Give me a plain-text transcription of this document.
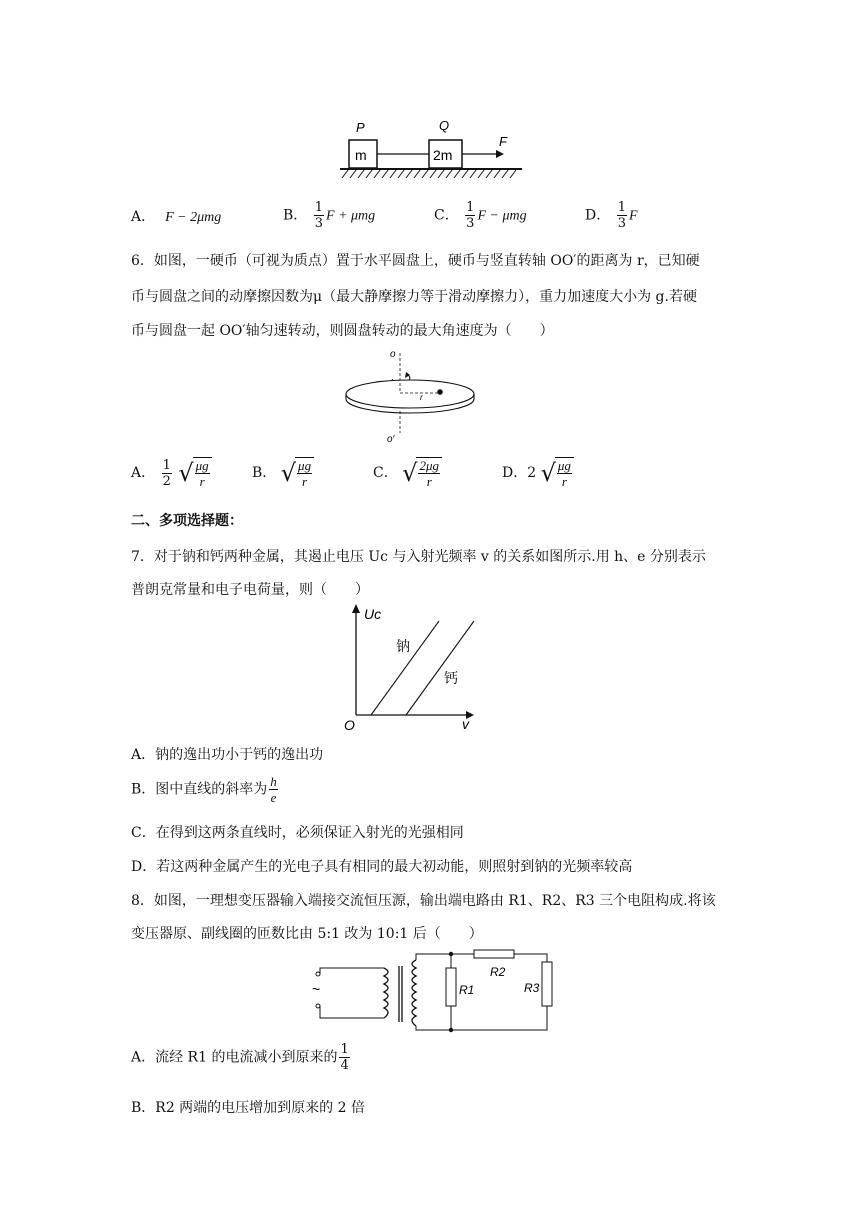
P	Q
m	2m
F
A． F − 2μmg	B． $\frac{1}{3}$ F + μmg	C． $\frac{1}{3}$ F − μmg	D． $\frac{1}{3}$ F
6．如图，一硬币（可视为质点）置于水平圆盘上，硬币与竖直转轴 OO′的距离为 r，已知硬
币与圆盘之间的动摩擦因数为μ（最大静摩擦力等于滑动摩擦力），重力加速度大小为 g.若硬
币与圆盘一起 OO′轴匀速转动，则圆盘转动的最大角速度为（　　）
o
r
o′
A． $\frac{1}{2}$
√ $\frac{\mu g}{r}$	B． √ $\frac{\mu g}{r}$	C． √ $\frac{2\mu g}{r}$	D．2 √ $\frac{\mu g}{r}$
二、多项选择题：
7．对于钠和钙两种金属，其遏止电压 Uc 与入射光频率 v 的关系如图所示.用 h、e 分别表示
普朗克常量和电子电荷量，则（　　）
Uc
v
O
钠
钙
A．钠的逸出功小于钙的逸出功
B．图中直线的斜率为 $\frac{h}{e}$
C．在得到这两条直线时，必须保证入射光的光强相同
D．若这两种金属产生的光电子具有相同的最大初动能，则照射到钠的光频率较高
8．如图，一理想变压器输入端接交流恒压源，输出端电路由 R1、R2、R3 三个电阻构成.将该
变压器原、副线圈的匝数比由 5:1 改为 10:1 后（　　）
~	R1
R2
R3
A．流经 R1 的电流减小到原来的 $\frac{1}{4}$
B．R2 两端的电压增加到原来的 2 倍
